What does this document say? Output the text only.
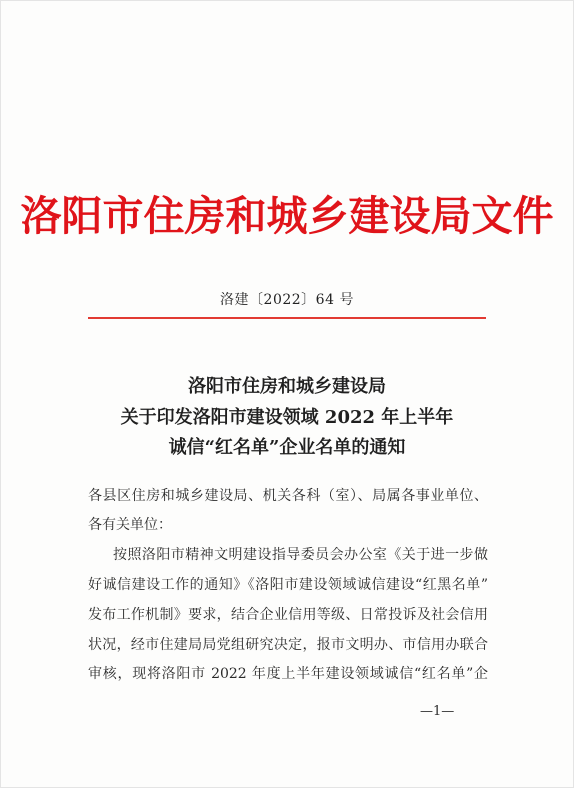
洛阳市住房和城乡建设局文件
洛建〔2022〕64 号
洛阳市住房和城乡建设局
关于印发洛阳市建设领域 2022 年上半年
诚信“红名单”企业名单的通知
各县区住房和城乡建设局、机关各科（室）、局属各事业单位、
各有关单位：
按照洛阳市精神文明建设指导委员会办公室《关于进一步做
好诚信建设工作的通知》《洛阳市建设领域诚信建设“红黑名单”
发布工作机制》要求，结合企业信用等级、日常投诉及社会信用
状况，经市住建局局党组研究决定，报市文明办、市信用办联合
审核，现将洛阳市 2022 年度上半年建设领域诚信“红名单”企
—1—
